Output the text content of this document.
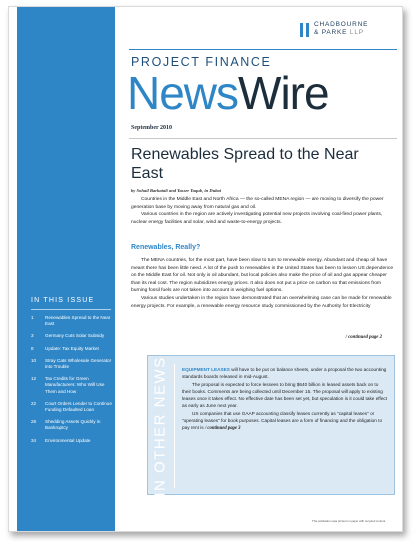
IN THIS ISSUE
1	Renewables Spread to the Near East
3	Germany Cuts Solar Subsidy
8	Update: Tax Equity Market
10	Stray Cats Wholesale Generator into Trouble
12	Tax Credits for Green Manufacturers: Who Will Use Them and How
22	Court Orders Lender to Continue Funding Defaulted Loan
28	Shedding Assets Quickly in Bankruptcy
34	Environmental Update
CHADBOURNE
& PARKE LLP
PROJECT FINANCE
NewsWire
September 2010
Renewables Spread to the Near East
by Sohail Barkatali and Yasser Yaqub, in Dubai

Countries in the Middle East and North Africa — the so-called MENA region — are moving to diversify the power generation base by moving away from natural gas and oil.

Various countries in the region are actively investigating potential new projects involving coal-fired power plants, nuclear energy facilities and solar, wind and waste-to-energy projects.

Renewables, Really?

The MENA countries, for the most part, have been slow to turn to renewable energy. Abundant and cheap oil have meant there has been little need. A lot of the push to renewables in the United States has been to lessen US dependence on the Middle East for oil. Not only is oil abundant, but local policies also make the price of oil and gas appear cheaper than its real cost. The region subsidizes energy prices. It also does not put a price on carbon so that emissions from burning fossil fuels are not taken into account in weighing fuel options.

Various studies undertaken in the region have demonstrated that an overwhelming case can be made for renewable energy projects. For example, a renewable energy resource study commissioned by the Authority for Electricity

/ continued page 2
IN OTHER NEWS	EQUIPMENT LEASES will have to be put on balance sheets, under a proposal the two accounting standards boards released in mid-August.

The proposal is expected to force lessees to bring $640 billion in leased assets back on to their books. Comments are being collected until December 15. The proposal will apply to existing leases once it takes effect. No effective date has been set yet, but speculation is it could take effect as early as June next year.

US companies that use GAAP accounting classify leases currently as "capital leases" or "operating leases" for book purposes. Capital leases are a form of financing and the obligation to pay rent is / continued page 3

This publication was printed on paper with recycled content.
